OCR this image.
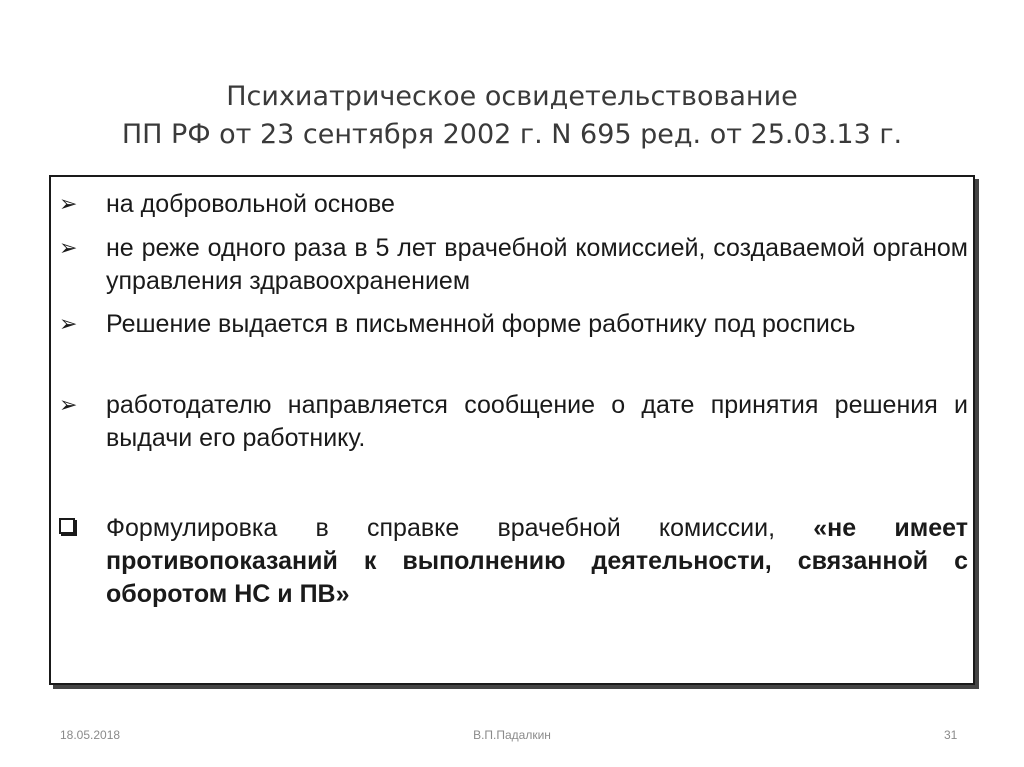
Психиатрическое освидетельствование
ПП РФ от 23 сентября 2002 г. N 695 ред. от 25.03.13 г.
➢ на добровольной основе
➢ не реже одного раза в 5 лет врачебной комиссией, создаваемой органом управления здравоохранением
➢ Решение выдается в письменной форме работнику под роспись
➢ работодателю направляется сообщение о дате принятия решения и выдачи его работнику.
Формулировка в справке врачебной комиссии, «не имеет противопоказаний к выполнению деятельности, связанной с оборотом НС и ПВ»
18.05.2018	В.П.Падалкин	31
